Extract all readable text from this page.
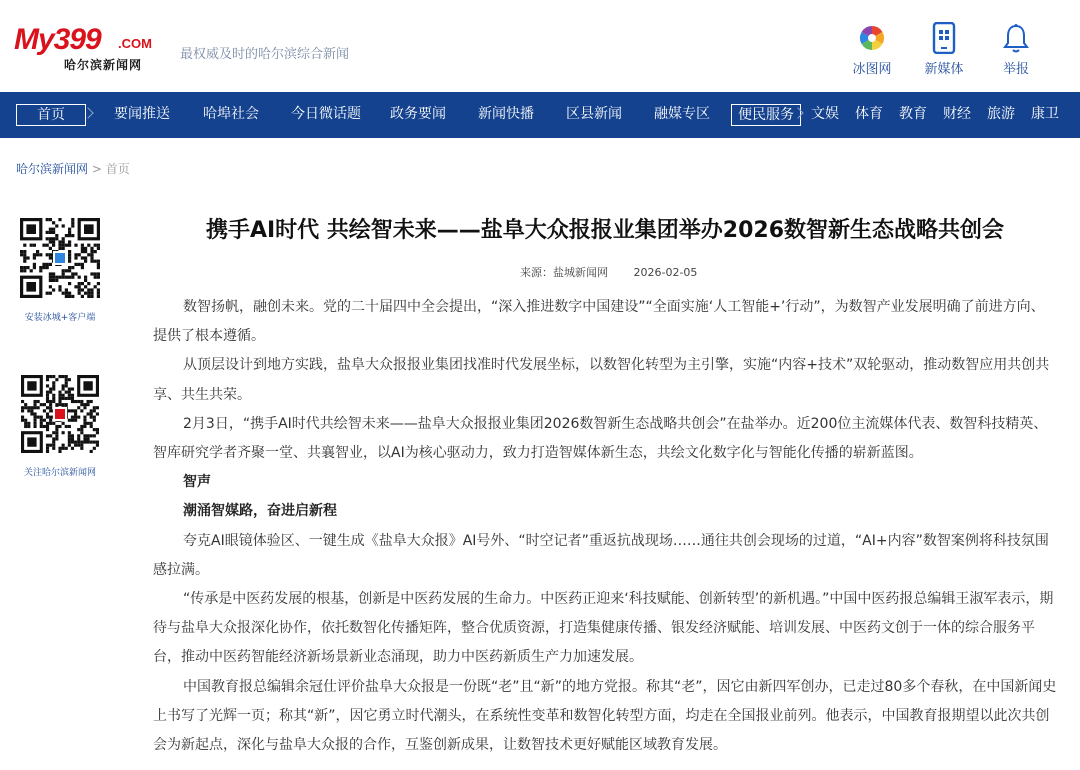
My399 .COM
哈尔滨新闻网
最权威及时的哈尔滨综合新闻
冰图网	新媒体	举报
首页	要闻推送 哈埠社会 今日微话题 政务要闻 新闻快播 区县新闻 融媒专区	便民服务	文娱 体育 教育 财经 旅游 康卫
哈尔滨新闻网 > 首页
安装冰城+客户端
关注哈尔滨新闻网
携手AI时代 共绘智未来——盐阜大众报报业集团举办2026数智新生态战略共创会
来源：盐城新闻网 2026-02-05

数智扬帆，融创未来。党的二十届四中全会提出，“深入推进数字中国建设”“全面实施‘人工智能+’行动”，为数智产业发展明确了前进方向、提供了根本遵循。

从顶层设计到地方实践，盐阜大众报报业集团找准时代发展坐标，以数智化转型为主引擎，实施“内容+技术”双轮驱动，推动数智应用共创共享、共生共荣。

2月3日，“携手AI时代共绘智未来——盐阜大众报报业集团2026数智新生态战略共创会”在盐举办。近200位主流媒体代表、数智科技精英、智库研究学者齐聚一堂、共襄智业，以AI为核心驱动力，致力打造智媒体新生态，共绘文化数字化与智能化传播的崭新蓝图。

智声

潮涌智媒路，奋进启新程

夸克AI眼镜体验区、一键生成《盐阜大众报》AI号外、“时空记者”重返抗战现场……通往共创会现场的过道，“AI+内容”数智案例将科技氛围感拉满。

“传承是中医药发展的根基，创新是中医药发展的生命力。中医药正迎来‘科技赋能、创新转型’的新机遇。”中国中医药报总编辑王淑军表示，期待与盐阜大众报深化协作，依托数智化传播矩阵，整合优质资源，打造集健康传播、银发经济赋能、培训发展、中医药文创于一体的综合服务平台，推动中医药智能经济新场景新业态涌现，助力中医药新质生产力加速发展。

中国教育报总编辑余冠仕评价盐阜大众报是一份既“老”且“新”的地方党报。称其“老”，因它由新四军创办，已走过80多个春秋，在中国新闻史上书写了光辉一页；称其“新”，因它勇立时代潮头，在系统性变革和数智化转型方面，均走在全国报业前列。他表示，中国教育报期望以此次共创会为新起点，深化与盐阜大众报的合作，互鉴创新成果，让数智技术更好赋能区域教育发展。
